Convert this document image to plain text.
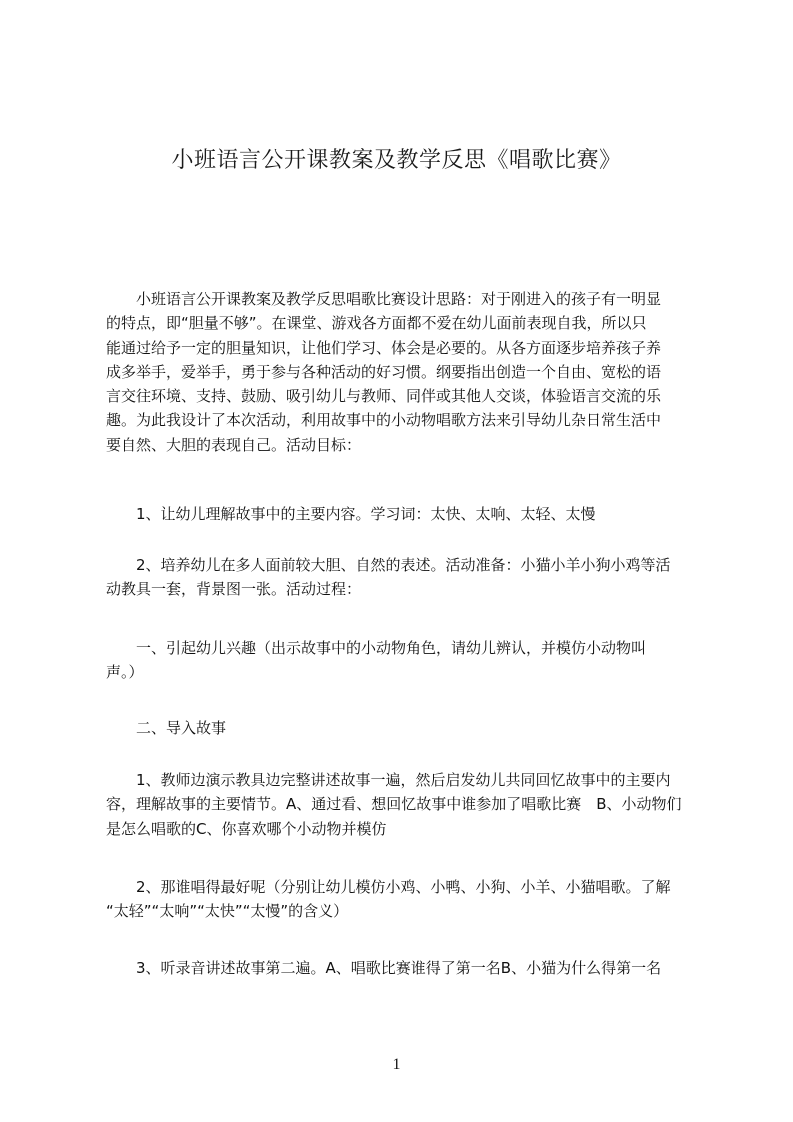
小班语言公开课教案及教学反思《唱歌比赛》
　　小班语言公开课教案及教学反思唱歌比赛设计思路：对于刚进入的孩子有一明显
的特点，即“胆量不够”。在课堂、游戏各方面都不爱在幼儿面前表现自我，所以只
能通过给予一定的胆量知识，让他们学习、体会是必要的。从各方面逐步培养孩子养
成多举手，爱举手，勇于参与各种活动的好习惯。纲要指出创造一个自由、宽松的语
言交往环境、支持、鼓励、吸引幼儿与教师、同伴或其他人交谈，体验语言交流的乐
趣。为此我设计了本次活动，利用故事中的小动物唱歌方法来引导幼儿杂日常生活中
要自然、大胆的表现自己。活动目标：
　　1、让幼儿理解故事中的主要内容。学习词：太快、太响、太轻、太慢
　　2、培养幼儿在多人面前较大胆、自然的表述。活动准备：小猫小羊小狗小鸡等活
动教具一套，背景图一张。活动过程：
　　一、引起幼儿兴趣（出示故事中的小动物角色，请幼儿辨认，并模仿小动物叫
声。）
　　二、导入故事
　　1、教师边演示教具边完整讲述故事一遍，然后启发幼儿共同回忆故事中的主要内
容，理解故事的主要情节。A、通过看、想回忆故事中谁参加了唱歌比赛　B、小动物们
是怎么唱歌的C、你喜欢哪个小动物并模仿
　　2、那谁唱得最好呢（分别让幼儿模仿小鸡、小鸭、小狗、小羊、小猫唱歌。了解
“太轻”“太响”“太快”“太慢”的含义）
　　3、听录音讲述故事第二遍。A、唱歌比赛谁得了第一名B、小猫为什么得第一名
1
